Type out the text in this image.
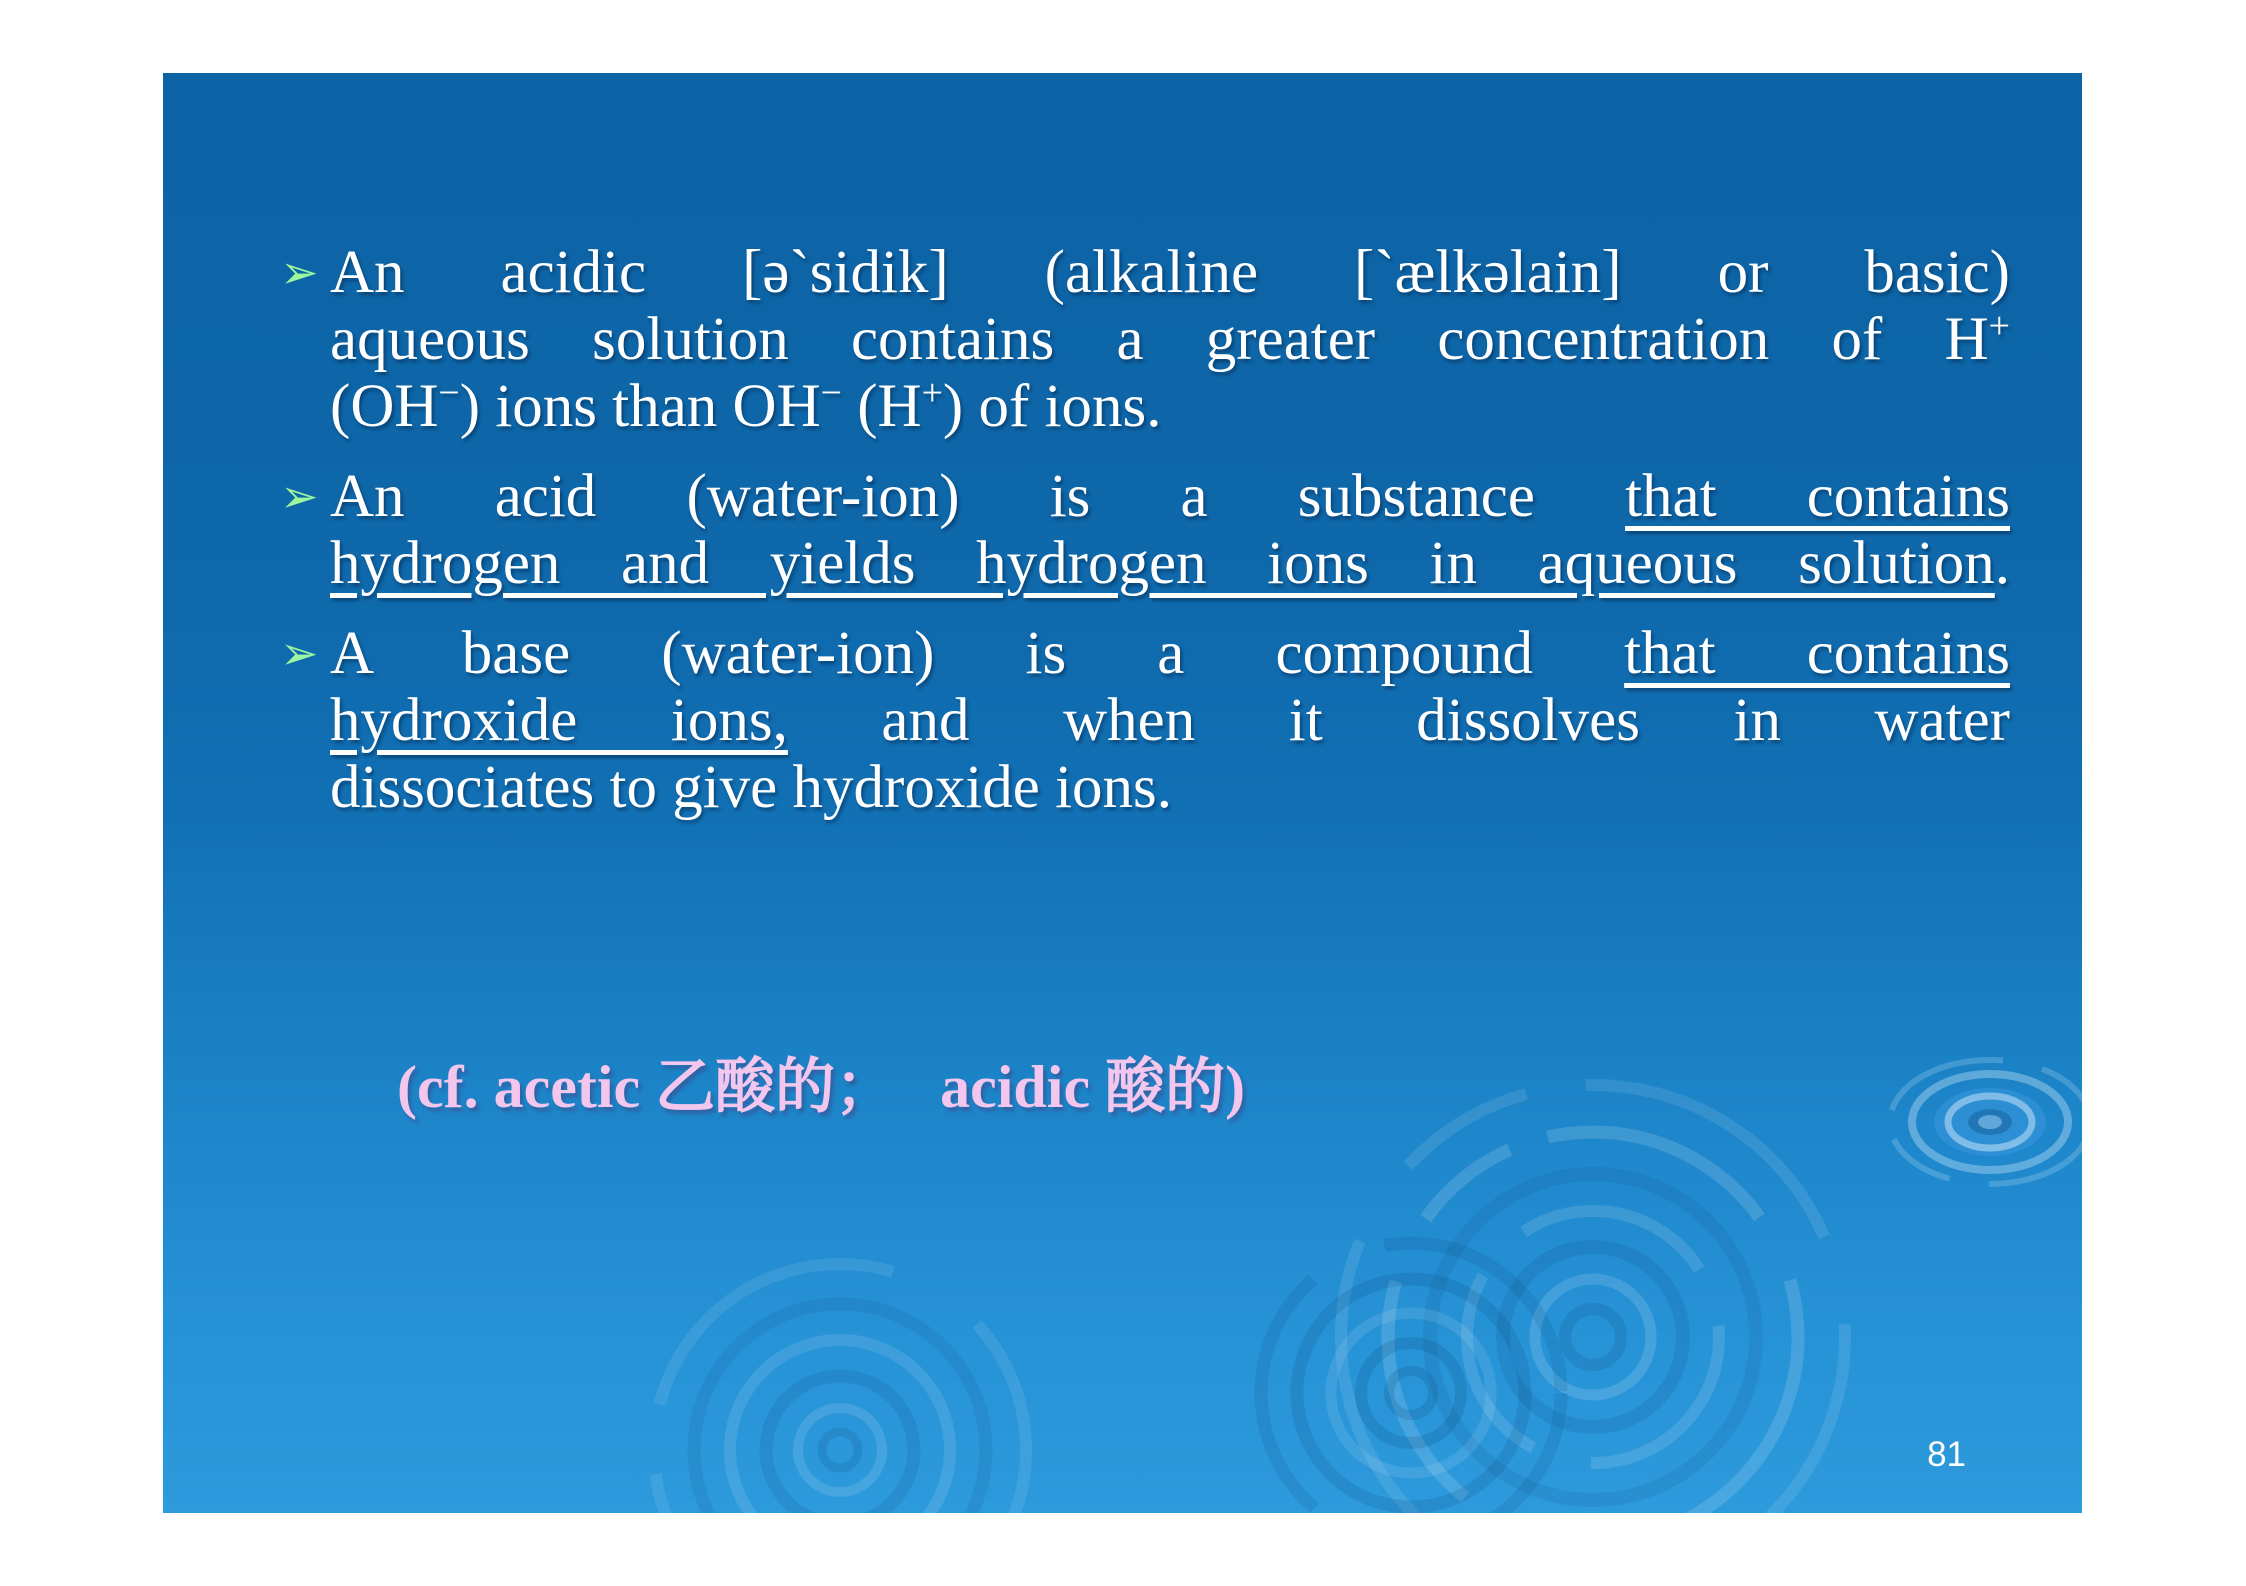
➢ An acidic [ə`sidik] (alkaline [`ælkəlain] or basic)
aqueous solution contains a greater concentration of H+
(OH−) ions than OH− (H+) of ions.
➢ An acid (water-ion) is a substance that contains
hydrogen and yields hydrogen ions in aqueous solution.
➢ A base (water-ion) is a compound that contains
hydroxide ions, and when it dissolves in water
dissociates to give hydroxide ions.
(cf. acetic 乙酸的；   acidic 酸的)
81
